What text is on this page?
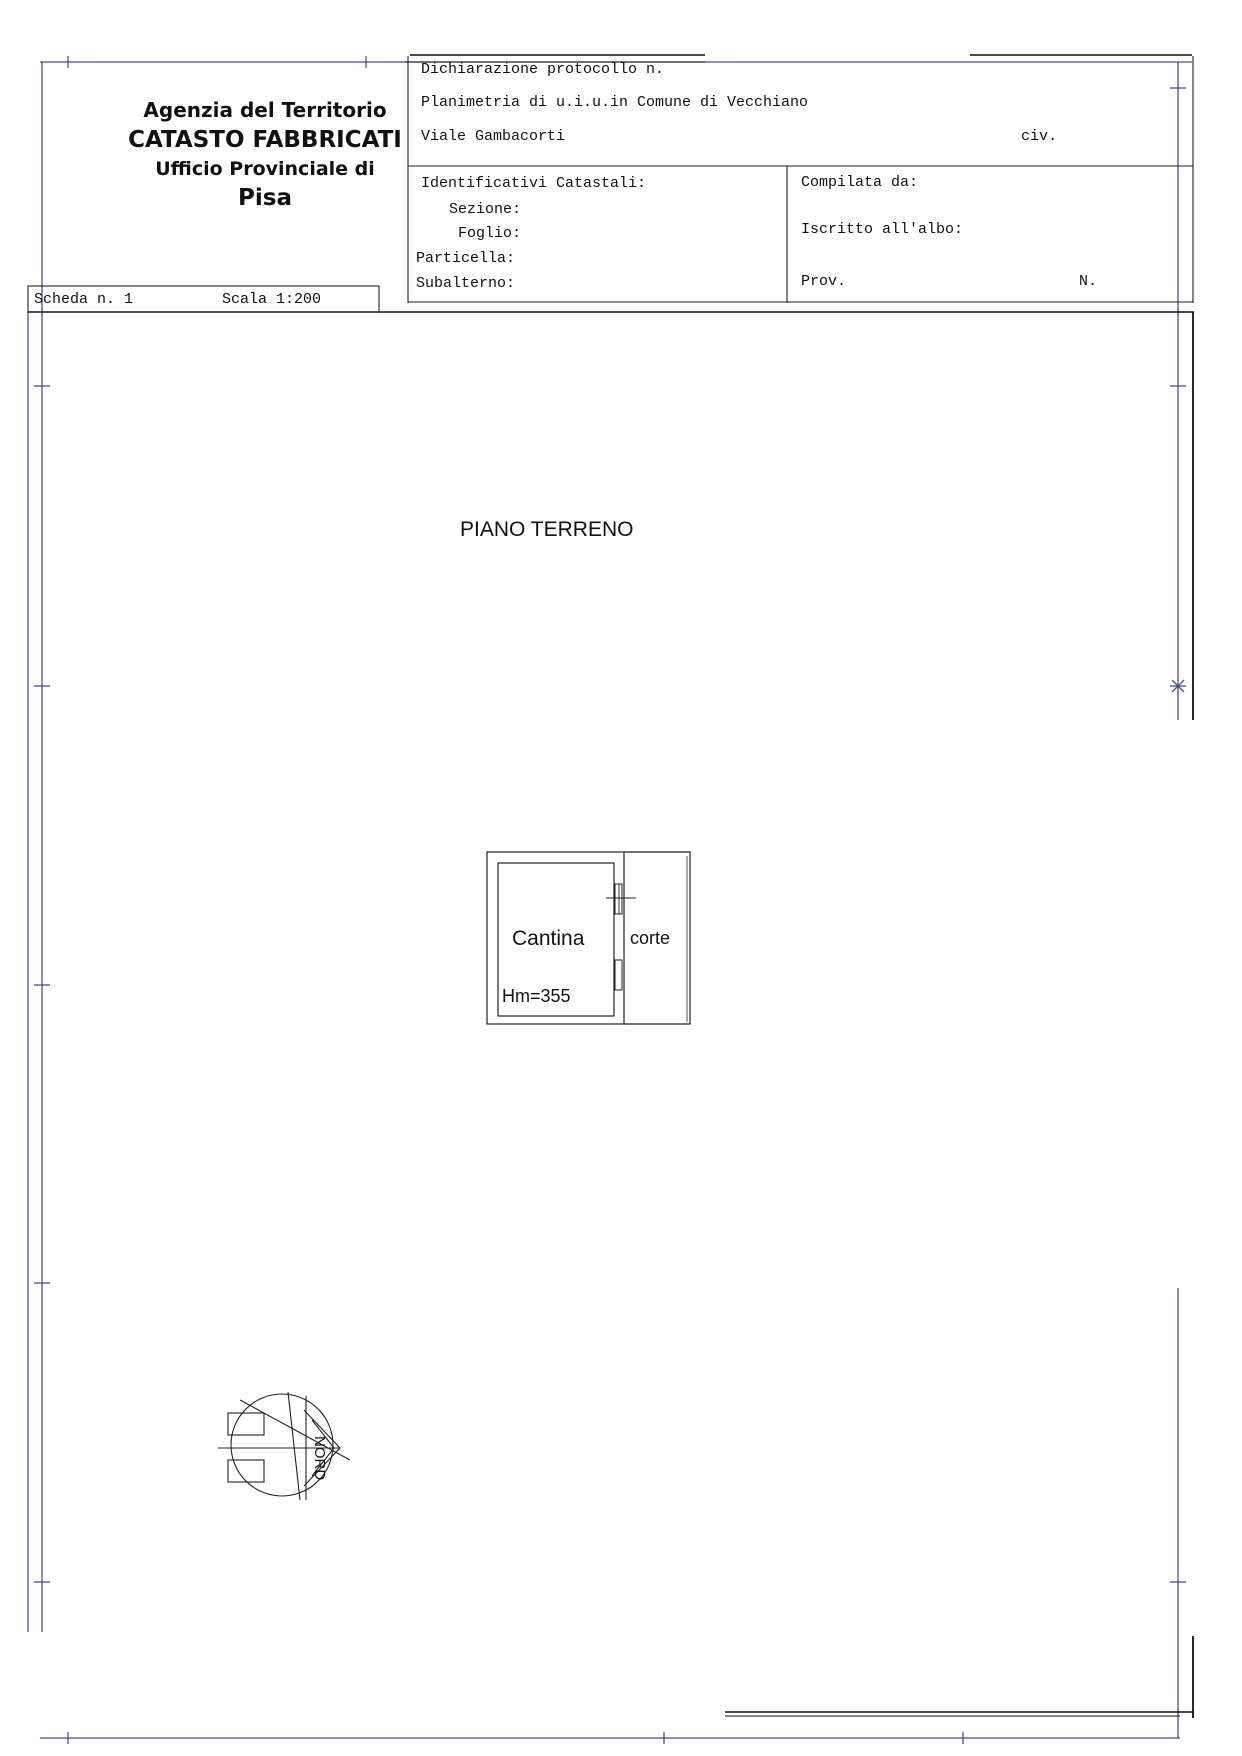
Agenzia del Territorio
CATASTO FABBRICATI
Ufficio Provinciale di
Pisa
Dichiarazione protocollo n.
Planimetria di u.i.u.in Comune di Vecchiano
Viale Gambacorti	civ.
Identificativi Catastali:
Sezione:
Foglio:
Particella:
Subalterno:
Compilata da:
Iscritto all'albo:
Prov.	N.
Scheda n. 1	Scala 1:200
PIANO TERRENO
Cantina
Hm=355
corte
NORD
